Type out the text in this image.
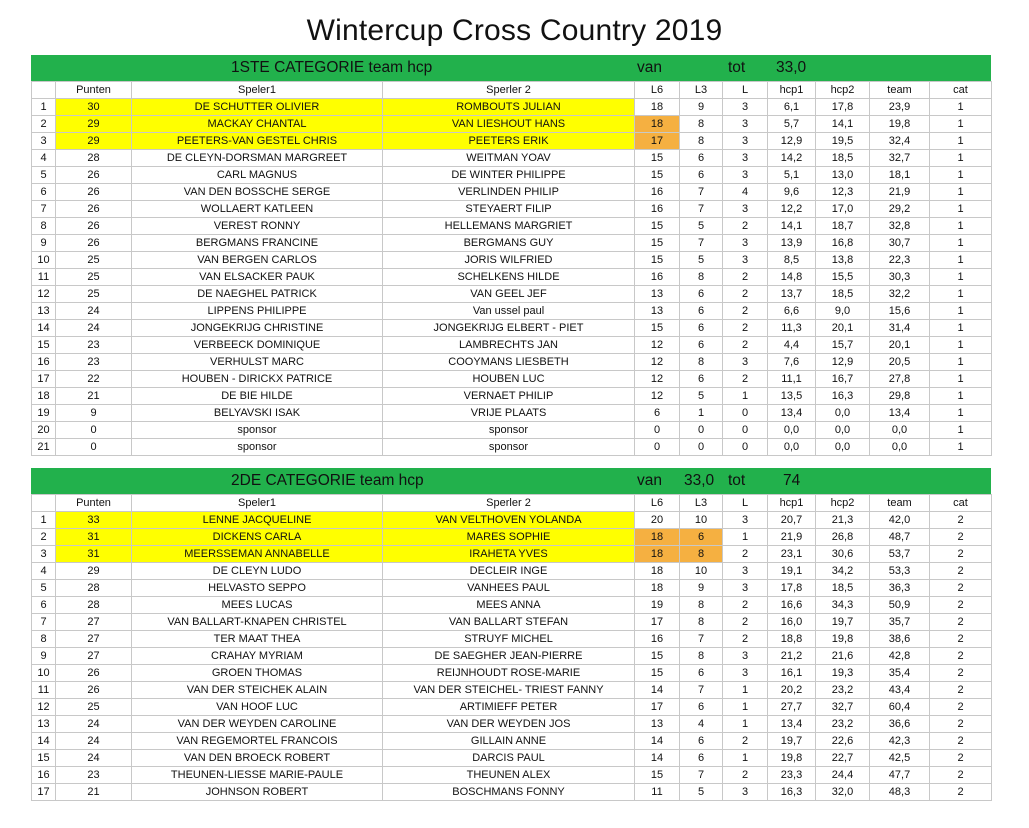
Wintercup Cross Country 2019
1STE CATEGORIE team hcp	van	tot 33,0
	Punten	Speler1	Sperler 2	L6	L3	L	hcp1	hcp2	team	cat
1	30	DE SCHUTTER OLIVIER	ROMBOUTS JULIAN	18	9	3	6,1	17,8	23,9	1
2	29	MACKAY CHANTAL	VAN LIESHOUT HANS	18	8	3	5,7	14,1	19,8	1
3	29	PEETERS-VAN GESTEL CHRIS	PEETERS ERIK	17	8	3	12,9	19,5	32,4	1
4	28	DE CLEYN-DORSMAN MARGREET	WEITMAN YOAV	15	6	3	14,2	18,5	32,7	1
5	26	CARL MAGNUS	DE WINTER PHILIPPE	15	6	3	5,1	13,0	18,1	1
6	26	VAN DEN BOSSCHE SERGE	VERLINDEN PHILIP	16	7	4	9,6	12,3	21,9	1
7	26	WOLLAERT KATLEEN	STEYAERT FILIP	16	7	3	12,2	17,0	29,2	1
8	26	VEREST RONNY	HELLEMANS MARGRIET	15	5	2	14,1	18,7	32,8	1
9	26	BERGMANS FRANCINE	BERGMANS GUY	15	7	3	13,9	16,8	30,7	1
10	25	VAN BERGEN CARLOS	JORIS WILFRIED	15	5	3	8,5	13,8	22,3	1
11	25	VAN ELSACKER PAUK	SCHELKENS HILDE	16	8	2	14,8	15,5	30,3	1
12	25	DE NAEGHEL PATRICK	VAN GEEL JEF	13	6	2	13,7	18,5	32,2	1
13	24	LIPPENS PHILIPPE	Van ussel paul	13	6	2	6,6	9,0	15,6	1
14	24	JONGEKRIJG CHRISTINE	JONGEKRIJG ELBERT - PIET	15	6	2	11,3	20,1	31,4	1
15	23	VERBEECK DOMINIQUE	LAMBRECHTS JAN	12	6	2	4,4	15,7	20,1	1
16	23	VERHULST MARC	COOYMANS LIESBETH	12	8	3	7,6	12,9	20,5	1
17	22	HOUBEN - DIRICKX PATRICE	HOUBEN LUC	12	6	2	11,1	16,7	27,8	1
18	21	DE BIE HILDE	VERNAET PHILIP	12	5	1	13,5	16,3	29,8	1
19	9	BELYAVSKI ISAK	VRIJE PLAATS	6	1	0	13,4	0,0	13,4	1
20	0	sponsor	sponsor	0	0	0	0,0	0,0	0,0	1
21	0	sponsor	sponsor	0	0	0	0,0	0,0	0,0	1
2DE CATEGORIE team hcp	van 33,0 tot 74
	Punten	Speler1	Sperler 2	L6	L3	L	hcp1	hcp2	team	cat
1	33	LENNE JACQUELINE	VAN VELTHOVEN YOLANDA	20	10	3	20,7	21,3	42,0	2
2	31	DICKENS CARLA	MARES SOPHIE	18	6	1	21,9	26,8	48,7	2
3	31	MEERSSEMAN ANNABELLE	IRAHETA YVES	18	8	2	23,1	30,6	53,7	2
4	29	DE CLEYN LUDO	DECLEIR INGE	18	10	3	19,1	34,2	53,3	2
5	28	HELVASTO SEPPO	VANHEES PAUL	18	9	3	17,8	18,5	36,3	2
6	28	MEES LUCAS	MEES ANNA	19	8	2	16,6	34,3	50,9	2
7	27	VAN BALLART-KNAPEN CHRISTEL	VAN BALLART STEFAN	17	8	2	16,0	19,7	35,7	2
8	27	TER MAAT THEA	STRUYF MICHEL	16	7	2	18,8	19,8	38,6	2
9	27	CRAHAY MYRIAM	DE SAEGHER JEAN-PIERRE	15	8	3	21,2	21,6	42,8	2
10	26	GROEN THOMAS	REIJNHOUDT ROSE-MARIE	15	6	3	16,1	19,3	35,4	2
11	26	VAN DER STEICHEK ALAIN	VAN DER STEICHEL- TRIEST FANNY	14	7	1	20,2	23,2	43,4	2
12	25	VAN HOOF LUC	ARTIMIEFF PETER	17	6	1	27,7	32,7	60,4	2
13	24	VAN DER WEYDEN CAROLINE	VAN DER WEYDEN JOS	13	4	1	13,4	23,2	36,6	2
14	24	VAN REGEMORTEL FRANCOIS	GILLAIN ANNE	14	6	2	19,7	22,6	42,3	2
15	24	VAN DEN BROECK ROBERT	DARCIS PAUL	14	6	1	19,8	22,7	42,5	2
16	23	THEUNEN-LIESSE MARIE-PAULE	THEUNEN ALEX	15	7	2	23,3	24,4	47,7	2
17	21	JOHNSON ROBERT	BOSCHMANS FONNY	11	5	3	16,3	32,0	48,3	2
